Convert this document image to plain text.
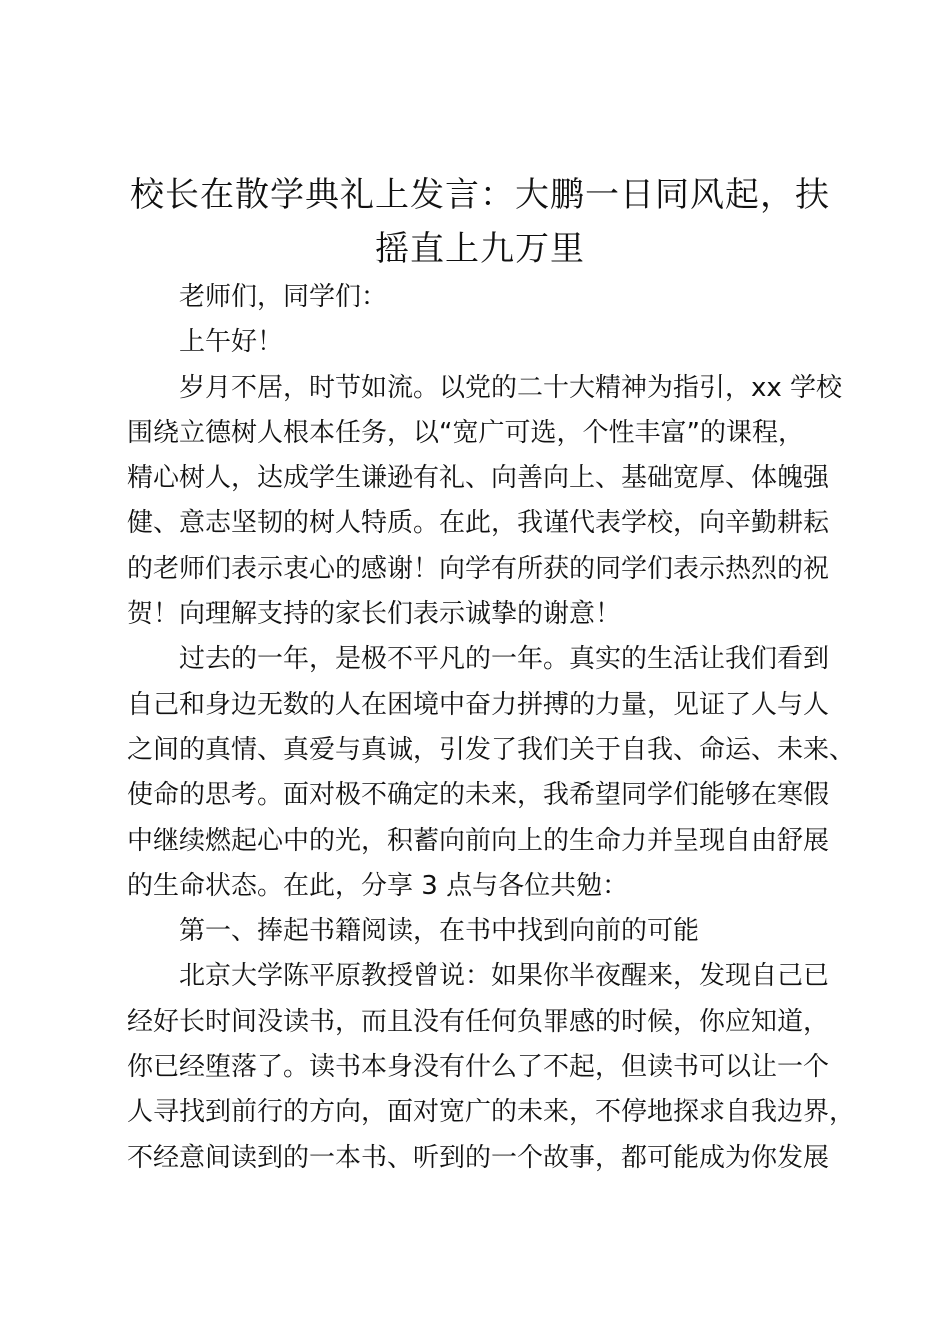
校长在散学典礼上发言：大鹏一日同风起，扶
摇直上九万里

老师们，同学们：

上午好！

岁月不居，时节如流。以党的二十大精神为指引，xx 学校

围绕立德树人根本任务，以“宽广可选，个性丰富”的课程，

精心树人，达成学生谦逊有礼、向善向上、基础宽厚、体魄强

健、意志坚韧的树人特质。在此，我谨代表学校，向辛勤耕耘

的老师们表示衷心的感谢！向学有所获的同学们表示热烈的祝

贺！向理解支持的家长们表示诚挚的谢意！

过去的一年，是极不平凡的一年。真实的生活让我们看到

自己和身边无数的人在困境中奋力拼搏的力量，见证了人与人

之间的真情、真爱与真诚，引发了我们关于自我、命运、未来、

使命的思考。面对极不确定的未来，我希望同学们能够在寒假

中继续燃起心中的光，积蓄向前向上的生命力并呈现自由舒展

的生命状态。在此，分享 3 点与各位共勉：

第一、捧起书籍阅读，在书中找到向前的可能

北京大学陈平原教授曾说：如果你半夜醒来，发现自己已

经好长时间没读书，而且没有任何负罪感的时候，你应知道，

你已经堕落了。读书本身没有什么了不起，但读书可以让一个

人寻找到前行的方向，面对宽广的未来，不停地探求自我边界，

不经意间读到的一本书、听到的一个故事，都可能成为你发展
